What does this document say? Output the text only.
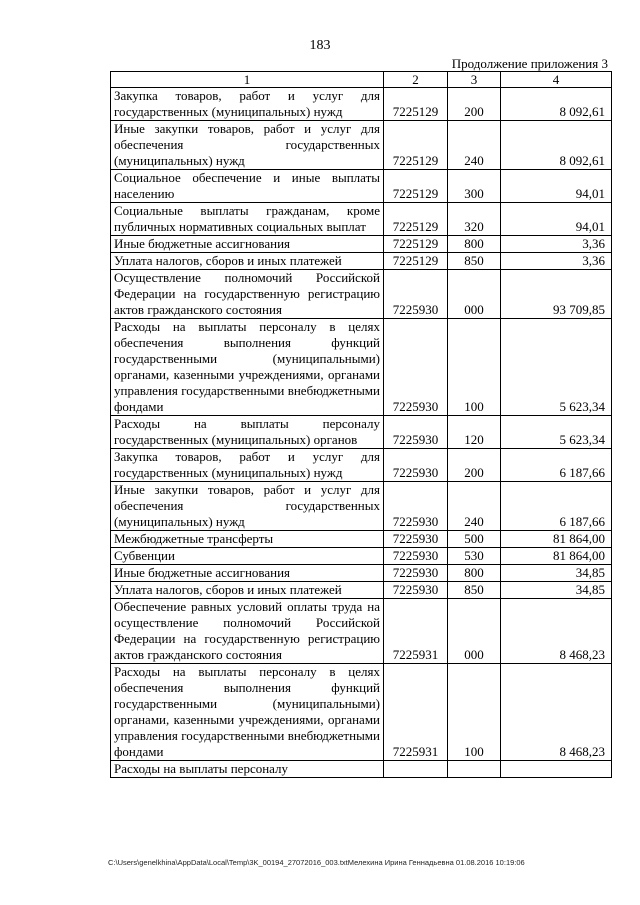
183
Продолжение приложения 3
1	2	3	4
Закупка товаров, работ и услуг для государственных (муниципальных) нужд	7225129	200	8 092,61
Иные закупки товаров, работ и услуг для обеспечения государственных (муниципальных) нужд	7225129	240	8 092,61
Социальное обеспечение и иные выплаты населению	7225129	300	94,01
Социальные выплаты гражданам, кроме публичных нормативных социальных выплат	7225129	320	94,01
Иные бюджетные ассигнования	7225129	800	3,36
Уплата налогов, сборов и иных платежей	7225129	850	3,36
Осуществление полномочий Российской Федерации на государственную регистрацию актов гражданского состояния	7225930	000	93 709,85
Расходы на выплаты персоналу в целях обеспечения выполнения функций государственными (муниципальными) органами, казенными учреждениями, органами управления государственными внебюджетными фондами	7225930	100	5 623,34
Расходы на выплаты персоналу государственных (муниципальных) органов	7225930	120	5 623,34
Закупка товаров, работ и услуг для государственных (муниципальных) нужд	7225930	200	6 187,66
Иные закупки товаров, работ и услуг для обеспечения государственных (муниципальных) нужд	7225930	240	6 187,66
Межбюджетные трансферты	7225930	500	81 864,00
Субвенции	7225930	530	81 864,00
Иные бюджетные ассигнования	7225930	800	34,85
Уплата налогов, сборов и иных платежей	7225930	850	34,85
Обеспечение равных условий оплаты труда на осуществление полномочий Российской Федерации на государственную регистрацию актов гражданского состояния	7225931	000	8 468,23
Расходы на выплаты персоналу в целях обеспечения выполнения функций государственными (муниципальными) органами, казенными учреждениями, органами управления государственными внебюджетными фондами	7225931	100	8 468,23
Расходы на выплаты персоналу			
C:\Users\genelkhina\AppData\Local\Temp\3K_00194_27072016_003.txtМелехина Ирина Геннадьевна 01.08.2016 10:19:06
